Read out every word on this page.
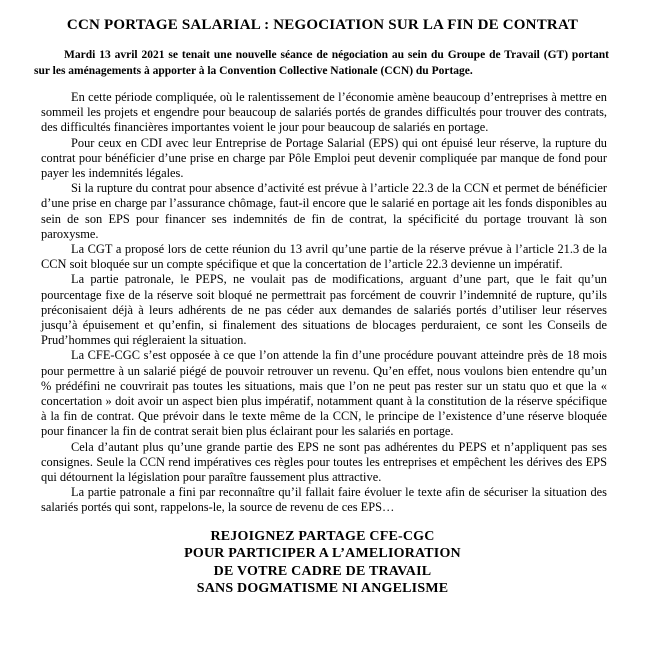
CCN PORTAGE SALARIAL : NEGOCIATION SUR LA FIN DE CONTRAT

Mardi 13 avril 2021 se tenait une nouvelle séance de négociation au sein du Groupe de Travail (GT) portant sur les aménagements à apporter à la Convention Collective Nationale (CCN) du Portage.

En cette période compliquée, où le ralentissement de l’économie amène beaucoup d’entreprises à mettre en sommeil les projets et engendre pour beaucoup de salariés portés de grandes difficultés pour trouver des contrats, des difficultés financières importantes voient le jour pour beaucoup de salariés en portage.

Pour ceux en CDI avec leur Entreprise de Portage Salarial (EPS) qui ont épuisé leur réserve, la rupture du contrat pour bénéficier d’une prise en charge par Pôle Emploi peut devenir compliquée par manque de fond pour payer les indemnités légales.

Si la rupture du contrat pour absence d’activité est prévue à l’article 22.3 de la CCN et permet de bénéficier d’une prise en charge par l’assurance chômage, faut-il encore que le salarié en portage ait les fonds disponibles au sein de son EPS pour financer ses indemnités de fin de contrat, la spécificité du portage trouvant là son paroxysme.

La CGT a proposé lors de cette réunion du 13 avril qu’une partie de la réserve prévue à l’article 21.3 de la CCN soit bloquée sur un compte spécifique et que la concertation de l’article 22.3 devienne un impératif.

La partie patronale, le PEPS, ne voulait pas de modifications, arguant d’une part, que le fait qu’un pourcentage fixe de la réserve soit bloqué ne permettrait pas forcément de couvrir l’indemnité de rupture, qu’ils préconisaient déjà à leurs adhérents de ne pas céder aux demandes de salariés portés d’utiliser leur réserves jusqu’à épuisement et qu’enfin, si finalement des situations de blocages perduraient, ce sont les Conseils de Prud’hommes qui régleraient la situation.

La CFE-CGC s’est opposée à ce que l’on attende la fin d’une procédure pouvant atteindre près de 18 mois pour permettre à un salarié piégé de pouvoir retrouver un revenu. Qu’en effet, nous voulons bien entendre qu’un % prédéfini ne couvrirait pas toutes les situations, mais que l’on ne peut pas rester sur un statu quo et que la « concertation » doit avoir un aspect bien plus impératif, notamment quant à la constitution de la réserve spécifique à la fin de contrat. Que prévoir dans le texte même de la CCN, le principe de l’existence d’une réserve bloquée pour financer la fin de contrat serait bien plus éclairant pour les salariés en portage.

Cela d’autant plus qu’une grande partie des EPS ne sont pas adhérentes du PEPS et n’appliquent pas ses consignes. Seule la CCN rend impératives ces règles pour toutes les entreprises et empêchent les dérives des EPS qui détournent la législation pour paraître faussement plus attractive.

La partie patronale a fini par reconnaître qu’il fallait faire évoluer le texte afin de sécuriser la situation des salariés portés qui sont, rappelons-le, la source de revenu de ces EPS…

REJOIGNEZ PARTAGE CFE-CGC
POUR PARTICIPER A L’AMELIORATION
DE VOTRE CADRE DE TRAVAIL
SANS DOGMATISME NI ANGELISME
